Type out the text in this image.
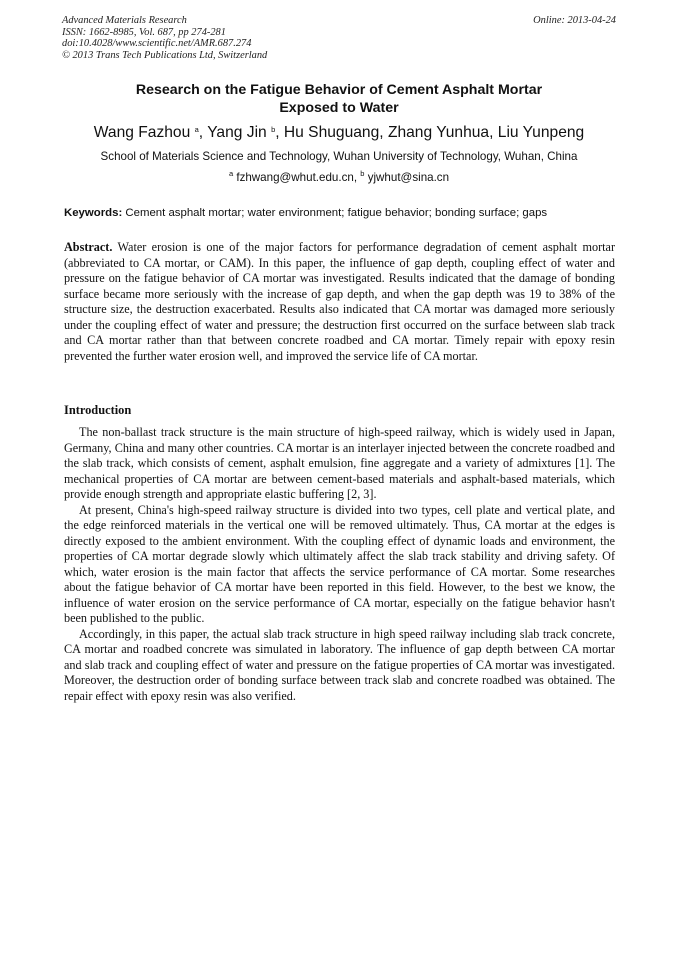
Advanced Materials Research
ISSN: 1662-8985, Vol. 687, pp 274-281
doi:10.4028/www.scientific.net/AMR.687.274
© 2013 Trans Tech Publications Ltd, Switzerland
Online: 2013-04-24
Research on the Fatigue Behavior of Cement Asphalt Mortar
Exposed to Water
Wang Fazhou $^a$, Yang Jin $^b$, Hu Shuguang, Zhang Yunhua, Liu Yunpeng
School of Materials Science and Technology, Wuhan University of Technology, Wuhan, China
$^a$ fzhwang@whut.edu.cn, $^b$ yjwhut@sina.cn
Keywords: Cement asphalt mortar; water environment; fatigue behavior; bonding surface; gaps

Abstract. Water erosion is one of the major factors for performance degradation of cement asphalt mortar (abbreviated to CA mortar, or CAM). In this paper, the influence of gap depth, coupling effect of water and pressure on the fatigue behavior of CA mortar was investigated. Results indicated that the damage of bonding surface became more seriously with the increase of gap depth, and when the gap depth was 19 to 38% of the structure size, the destruction exacerbated. Results also indicated that CA mortar was damaged more seriously under the coupling effect of water and pressure; the destruction first occurred on the surface between slab track and CA mortar rather than that between concrete roadbed and CA mortar. Timely repair with epoxy resin prevented the further water erosion well, and improved the service life of CA mortar.

Introduction

The non-ballast track structure is the main structure of high-speed railway, which is widely used in Japan, Germany, China and many other countries. CA mortar is an interlayer injected between the concrete roadbed and the slab track, which consists of cement, asphalt emulsion, fine aggregate and a variety of admixtures [1]. The mechanical properties of CA mortar are between cement-based materials and asphalt-based materials, which provide enough strength and appropriate elastic buffering [2, 3].

At present, China's high-speed railway structure is divided into two types, cell plate and vertical plate, and the edge reinforced materials in the vertical one will be removed ultimately. Thus, CA mortar at the edges is directly exposed to the ambient environment. With the coupling effect of dynamic loads and environment, the properties of CA mortar degrade slowly which ultimately affect the slab track stability and driving safety. Of which, water erosion is the main factor that affects the service performance of CA mortar. Some researches about the fatigue behavior of CA mortar have been reported in this field. However, to the best we know, the influence of water erosion on the service performance of CA mortar, especially on the fatigue behavior hasn't been published to the public.

Accordingly, in this paper, the actual slab track structure in high speed railway including slab track concrete, CA mortar and roadbed concrete was simulated in laboratory. The influence of gap depth between CA mortar and slab track and coupling effect of water and pressure on the fatigue properties of CA mortar was investigated. Moreover, the destruction order of bonding surface between track slab and concrete roadbed was obtained. The repair effect with epoxy resin was also verified.
